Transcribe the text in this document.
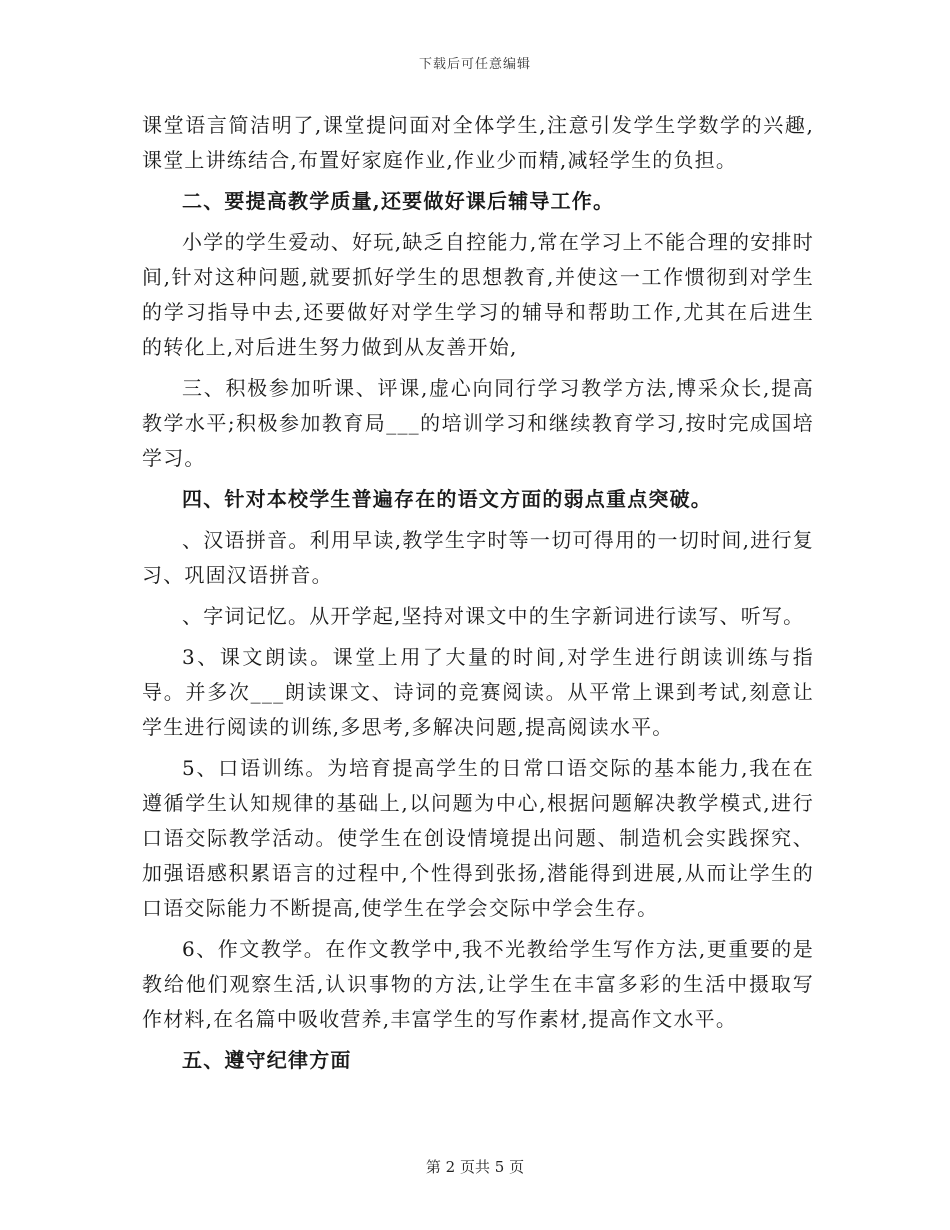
下载后可任意编辑

课堂语言简洁明了,课堂提问面对全体学生,注意引发学生学数学的兴趣,课堂上讲练结合,布置好家庭作业,作业少而精,减轻学生的负担。

二、要提高教学质量,还要做好课后辅导工作。

小学的学生爱动、好玩,缺乏自控能力,常在学习上不能合理的安排时间,针对这种问题,就要抓好学生的思想教育,并使这一工作惯彻到对学生的学习指导中去,还要做好对学生学习的辅导和帮助工作,尤其在后进生的转化上,对后进生努力做到从友善开始,

三、积极参加听课、评课,虚心向同行学习教学方法,博采众长,提高教学水平;积极参加教育局___的培训学习和继续教育学习,按时完成国培学习。

四、针对本校学生普遍存在的语文方面的弱点重点突破。

、汉语拼音。利用早读,教学生字时等一切可得用的一切时间,进行复习、巩固汉语拼音。

、字词记忆。从开学起,坚持对课文中的生字新词进行读写、听写。

3、课文朗读。课堂上用了大量的时间,对学生进行朗读训练与指导。并多次___朗读课文、诗词的竞赛阅读。从平常上课到考试,刻意让学生进行阅读的训练,多思考,多解决问题,提高阅读水平。

5、口语训练。为培育提高学生的日常口语交际的基本能力,我在在遵循学生认知规律的基础上,以问题为中心,根据问题解决教学模式,进行口语交际教学活动。使学生在创设情境提出问题、制造机会实践探究、加强语感积累语言的过程中,个性得到张扬,潜能得到进展,从而让学生的口语交际能力不断提高,使学生在学会交际中学会生存。

6、作文教学。在作文教学中,我不光教给学生写作方法,更重要的是教给他们观察生活,认识事物的方法,让学生在丰富多彩的生活中摄取写作材料,在名篇中吸收营养,丰富学生的写作素材,提高作文水平。

五、遵守纪律方面

第 2 页共 5 页
